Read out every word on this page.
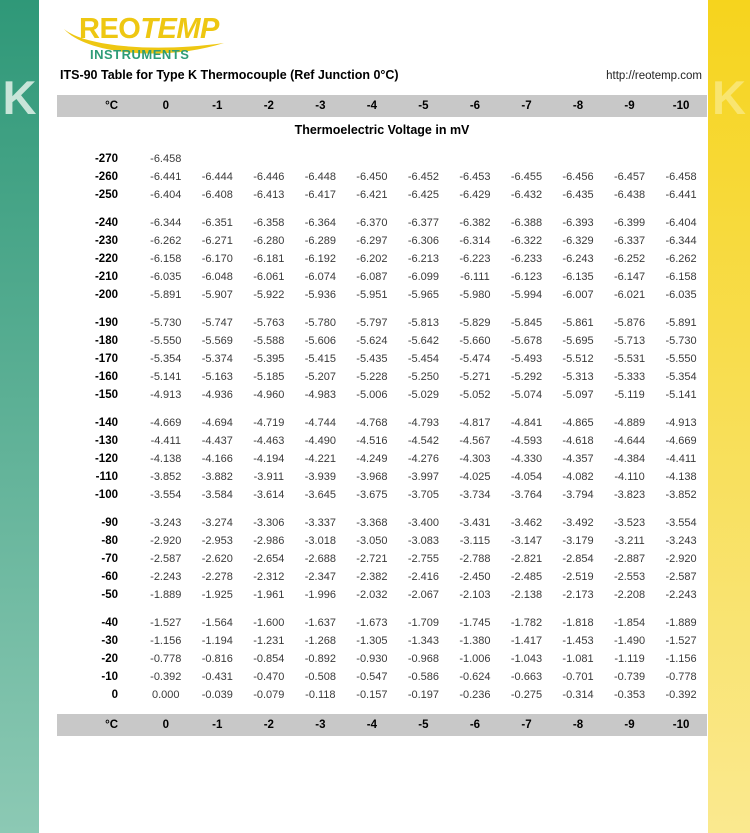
K	K
REOTEMP
INSTRUMENTS
ITS-90 Table for Type K Thermocouple (Ref Junction 0°C)	http://reotemp.com
°C	0	-1	-2	-3	-4	-5	-6	-7	-8	-9	-10
Thermoelectric Voltage in mV
-270	-6.458
-260	-6.441	-6.444	-6.446	-6.448	-6.450	-6.452	-6.453	-6.455	-6.456	-6.457	-6.458
-250	-6.404	-6.408	-6.413	-6.417	-6.421	-6.425	-6.429	-6.432	-6.435	-6.438	-6.441
-240	-6.344	-6.351	-6.358	-6.364	-6.370	-6.377	-6.382	-6.388	-6.393	-6.399	-6.404
-230	-6.262	-6.271	-6.280	-6.289	-6.297	-6.306	-6.314	-6.322	-6.329	-6.337	-6.344
-220	-6.158	-6.170	-6.181	-6.192	-6.202	-6.213	-6.223	-6.233	-6.243	-6.252	-6.262
-210	-6.035	-6.048	-6.061	-6.074	-6.087	-6.099	-6.111	-6.123	-6.135	-6.147	-6.158
-200	-5.891	-5.907	-5.922	-5.936	-5.951	-5.965	-5.980	-5.994	-6.007	-6.021	-6.035
-190	-5.730	-5.747	-5.763	-5.780	-5.797	-5.813	-5.829	-5.845	-5.861	-5.876	-5.891
-180	-5.550	-5.569	-5.588	-5.606	-5.624	-5.642	-5.660	-5.678	-5.695	-5.713	-5.730
-170	-5.354	-5.374	-5.395	-5.415	-5.435	-5.454	-5.474	-5.493	-5.512	-5.531	-5.550
-160	-5.141	-5.163	-5.185	-5.207	-5.228	-5.250	-5.271	-5.292	-5.313	-5.333	-5.354
-150	-4.913	-4.936	-4.960	-4.983	-5.006	-5.029	-5.052	-5.074	-5.097	-5.119	-5.141
-140	-4.669	-4.694	-4.719	-4.744	-4.768	-4.793	-4.817	-4.841	-4.865	-4.889	-4.913
-130	-4.411	-4.437	-4.463	-4.490	-4.516	-4.542	-4.567	-4.593	-4.618	-4.644	-4.669
-120	-4.138	-4.166	-4.194	-4.221	-4.249	-4.276	-4.303	-4.330	-4.357	-4.384	-4.411
-110	-3.852	-3.882	-3.911	-3.939	-3.968	-3.997	-4.025	-4.054	-4.082	-4.110	-4.138
-100	-3.554	-3.584	-3.614	-3.645	-3.675	-3.705	-3.734	-3.764	-3.794	-3.823	-3.852
-90	-3.243	-3.274	-3.306	-3.337	-3.368	-3.400	-3.431	-3.462	-3.492	-3.523	-3.554
-80	-2.920	-2.953	-2.986	-3.018	-3.050	-3.083	-3.115	-3.147	-3.179	-3.211	-3.243
-70	-2.587	-2.620	-2.654	-2.688	-2.721	-2.755	-2.788	-2.821	-2.854	-2.887	-2.920
-60	-2.243	-2.278	-2.312	-2.347	-2.382	-2.416	-2.450	-2.485	-2.519	-2.553	-2.587
-50	-1.889	-1.925	-1.961	-1.996	-2.032	-2.067	-2.103	-2.138	-2.173	-2.208	-2.243
-40	-1.527	-1.564	-1.600	-1.637	-1.673	-1.709	-1.745	-1.782	-1.818	-1.854	-1.889
-30	-1.156	-1.194	-1.231	-1.268	-1.305	-1.343	-1.380	-1.417	-1.453	-1.490	-1.527
-20	-0.778	-0.816	-0.854	-0.892	-0.930	-0.968	-1.006	-1.043	-1.081	-1.119	-1.156
-10	-0.392	-0.431	-0.470	-0.508	-0.547	-0.586	-0.624	-0.663	-0.701	-0.739	-0.778
0	0.000	-0.039	-0.079	-0.118	-0.157	-0.197	-0.236	-0.275	-0.314	-0.353	-0.392
°C	0	-1	-2	-3	-4	-5	-6	-7	-8	-9	-10
